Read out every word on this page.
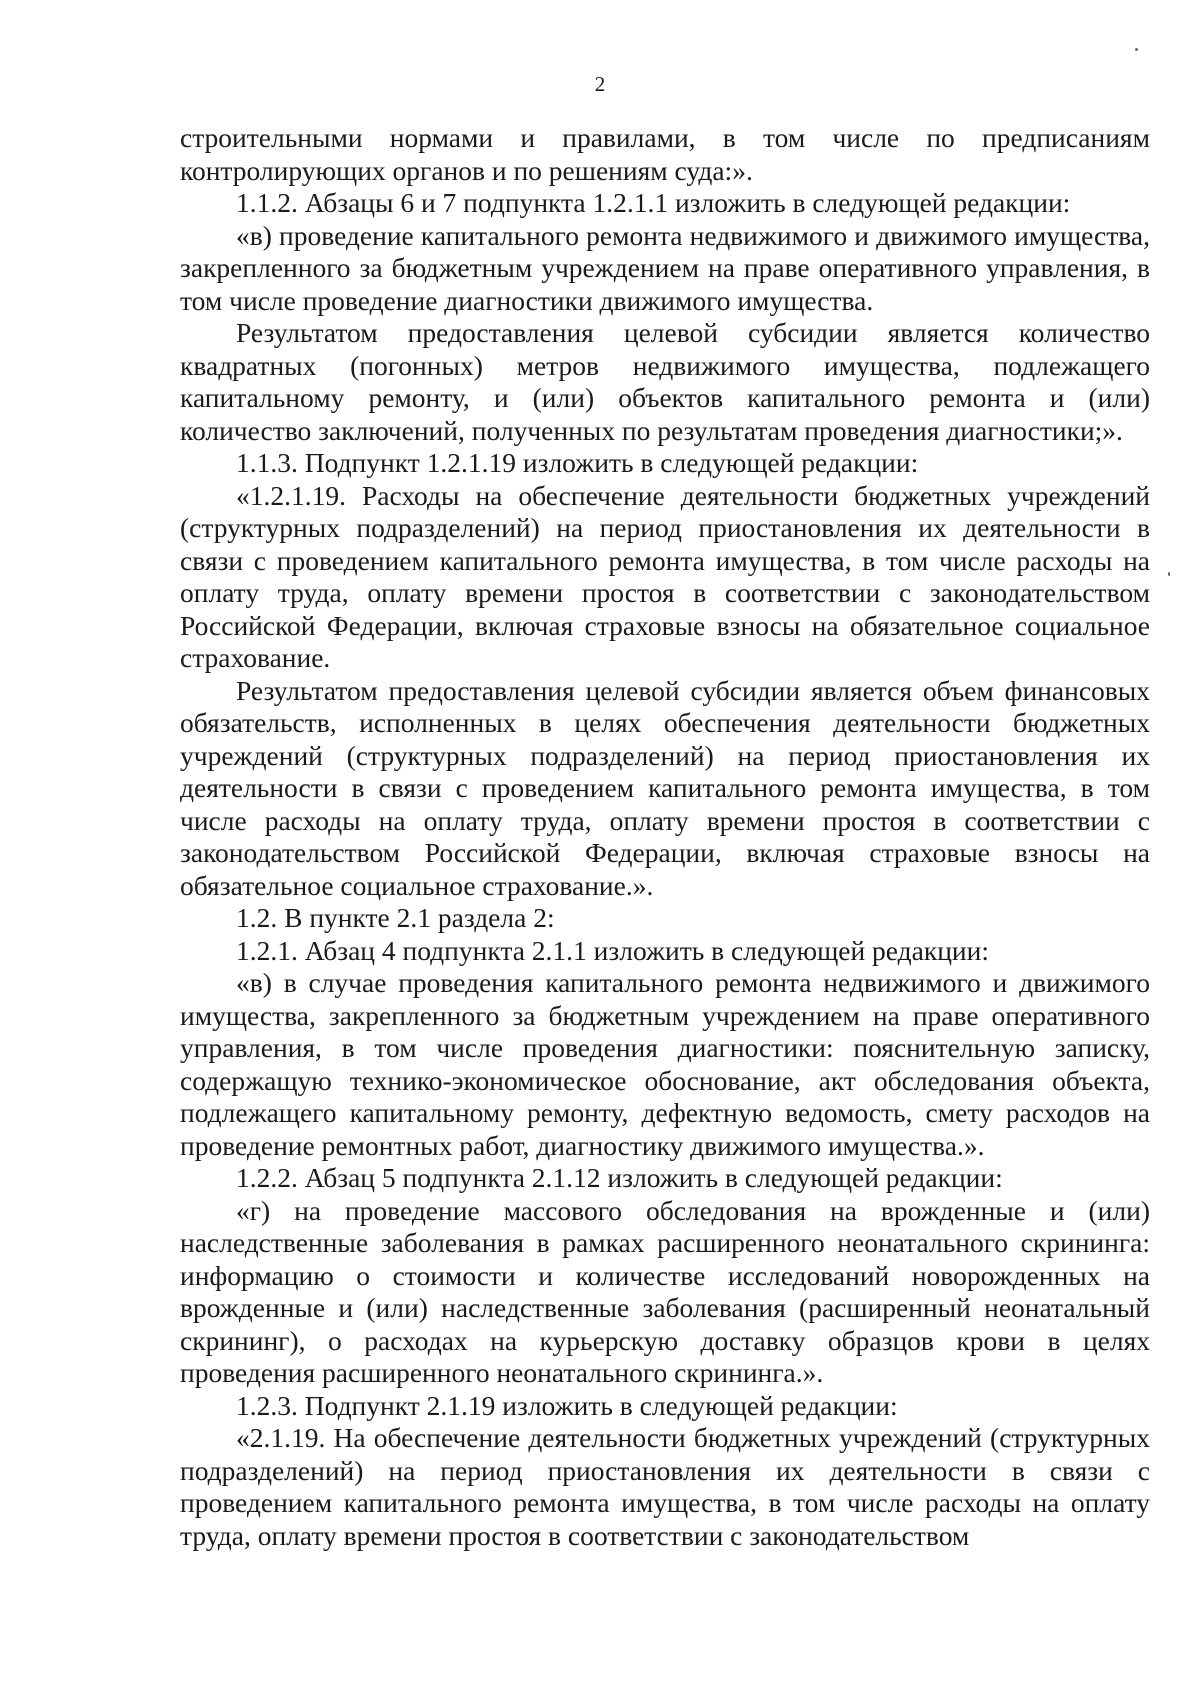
2

строительными нормами и правилами, в том числе по предписаниям контролирующих органов и по решениям суда:».

1.1.2. Абзацы 6 и 7 подпункта 1.2.1.1 изложить в следующей редакции:

«в) проведение капитального ремонта недвижимого и движимого имущества, закрепленного за бюджетным учреждением на праве оперативного управления, в том числе проведение диагностики движимого имущества.

Результатом предоставления целевой субсидии является количество квадратных (погонных) метров недвижимого имущества, подлежащего капитальному ремонту, и (или) объектов капитального ремонта и (или) количество заключений, полученных по результатам проведения диагностики;».

1.1.3. Подпункт 1.2.1.19 изложить в следующей редакции:

«1.2.1.19. Расходы на обеспечение деятельности бюджетных учреждений (структурных подразделений) на период приостановления их деятельности в связи с проведением капитального ремонта имущества, в том числе расходы на оплату труда, оплату времени простоя в соответствии с законодательством Российской Федерации, включая страховые взносы на обязательное социальное страхование.

Результатом предоставления целевой субсидии является объем финансовых обязательств, исполненных в целях обеспечения деятельности бюджетных учреждений (структурных подразделений) на период приостановления их деятельности в связи с проведением капитального ремонта имущества, в том числе расходы на оплату труда, оплату времени простоя в соответствии с законодательством Российской Федерации, включая страховые взносы на обязательное социальное страхование.».

1.2. В пункте 2.1 раздела 2:

1.2.1. Абзац 4 подпункта 2.1.1 изложить в следующей редакции:

«в) в случае проведения капитального ремонта недвижимого и движимого имущества, закрепленного за бюджетным учреждением на праве оперативного управления, в том числе проведения диагностики: пояснительную записку, содержащую технико-экономическое обоснование, акт обследования объекта, подлежащего капитальному ремонту, дефектную ведомость, смету расходов на проведение ремонтных работ, диагностику движимого имущества.».

1.2.2. Абзац 5 подпункта 2.1.12 изложить в следующей редакции:

«г) на проведение массового обследования на врожденные и (или) наследственные заболевания в рамках расширенного неонатального скрининга: информацию о стоимости и количестве исследований новорожденных на врожденные и (или) наследственные заболевания (расширенный неонатальный скрининг), о расходах на курьерскую доставку образцов крови в целях проведения расширенного неонатального скрининга.».

1.2.3. Подпункт 2.1.19 изложить в следующей редакции:

«2.1.19. На обеспечение деятельности бюджетных учреждений (структурных подразделений) на период приостановления их деятельности в связи с проведением капитального ремонта имущества, в том числе расходы на оплату труда, оплату времени простоя в соответствии с законодательством
